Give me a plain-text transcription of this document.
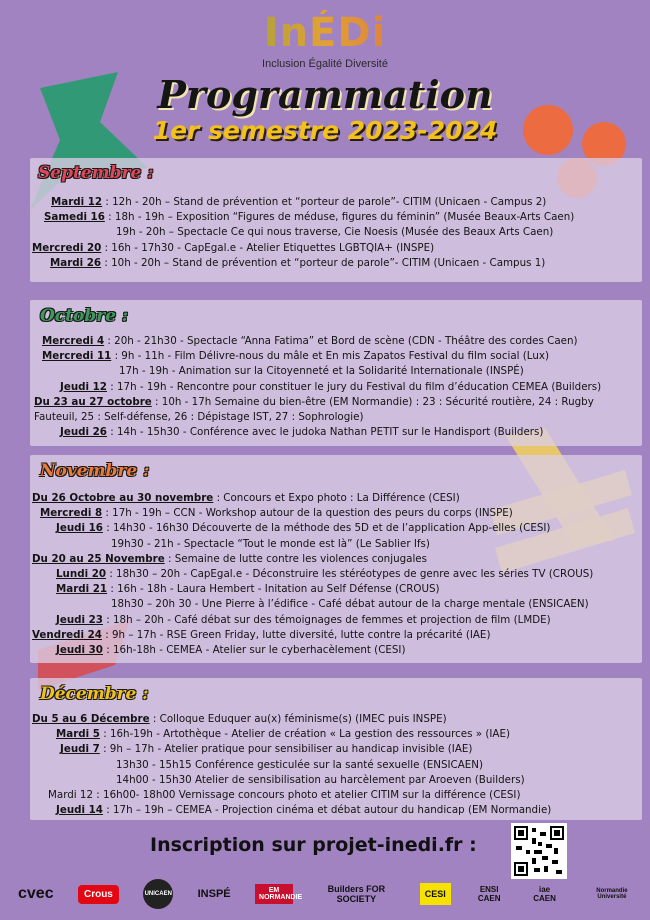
InÉDi
Inclusion Égalité Diversité
Programmation
1er semestre 2023-2024
Septembre :
Mardi 12 : 12h - 20h – Stand de prévention et “porteur de parole”- CITIM (Unicaen - Campus 2)
Samedi 16 : 18h - 19h – Exposition “Figures de méduse, figures du féminin” (Musée Beaux-Arts Caen)
19h - 20h – Spectacle Ce qui nous traverse, Cie Noesis (Musée des Beaux Arts Caen)
Mercredi 20 : 16h - 17h30 - CapEgal.e - Atelier Etiquettes LGBTQIA+ (INSPE)
Mardi 26 : 10h - 20h – Stand de prévention et “porteur de parole”- CITIM (Unicaen - Campus 1)
Octobre :
Mercredi 4 : 20h - 21h30 - Spectacle “Anna Fatima” et Bord de scène (CDN - Théâtre des cordes Caen)
Mercredi 11 : 9h - 11h - Film Délivre-nous du mâle et En mis Zapatos Festival du film social (Lux)
17h - 19h - Animation sur la Citoyenneté et la Solidarité Internationale (INSPÉ)
Jeudi 12 : 17h - 19h - Rencontre pour constituer le jury du Festival du film d’éducation CEMEA (Builders)
Du 23 au 27 octobre : 10h - 17h Semaine du bien-être (EM Normandie) : 23 : Sécurité routière, 24 : Rugby
Fauteuil, 25 : Self-défense, 26 : Dépistage IST, 27 : Sophrologie)
Jeudi 26 : 14h - 15h30 - Conférence avec le judoka Nathan PETIT sur le Handisport (Builders)
Novembre :
Du 26 Octobre au 30 novembre : Concours et Expo photo : La Différence (CESI)
Mercredi 8 : 17h - 19h – CCN - Workshop autour de la question des peurs du corps (INSPE)
Jeudi 16 : 14h30 - 16h30 Découverte de la méthode des 5D et de l’application App-elles (CESI)
19h30 - 21h - Spectacle “Tout le monde est là” (Le Sablier Ifs)
Du 20 au 25 Novembre : Semaine de lutte contre les violences conjugales
Lundi 20 : 18h30 – 20h - CapEgal.e - Déconstruire les stéréotypes de genre avec les séries TV (CROUS)
Mardi 21 : 16h - 18h - Laura Hembert - Initation au Self Défense (CROUS)
18h30 – 20h 30 - Une Pierre à l’édifice - Café débat autour de la charge mentale (ENSICAEN)
Jeudi 23 : 18h – 20h - Café débat sur des témoignages de femmes et projection de film (LMDE)
Vendredi 24 : 9h – 17h - RSE Green Friday, lutte diversité, lutte contre la précarité (IAE)
Jeudi 30 : 16h-18h - CEMEA - Atelier sur le cyberhacèlement (CESI)
Décembre :
Du 5 au 6 Décembre : Colloque Eduquer au(x) féminisme(s) (IMEC puis INSPE)
Mardi 5 : 16h-19h - Artothèque - Atelier de création « La gestion des ressources » (IAE)
Jeudi 7 : 9h – 17h - Atelier pratique pour sensibiliser au handicap invisible (IAE)
13h30 - 15h15 Conférence gesticulée sur la santé sexuelle (ENSICAEN)
14h00 - 15h30 Atelier de sensibilisation au harcèlement par Aroeven (Builders)
Mardi 12 : 16h00- 18h00 Vernissage concours photo et atelier CITIM sur la différence (CESI)
Jeudi 14 : 17h – 19h – CEMEA - Projection cinéma et débat autour du handicap (EM Normandie)
Inscription sur projet-inedi.fr :
cvec	Crous	UNICAEN INSPÉ	EM NORMANDIE
Builders FOR SOCIETY	CESI	ENSI CAEN
iae CAEN
Normandie Université
